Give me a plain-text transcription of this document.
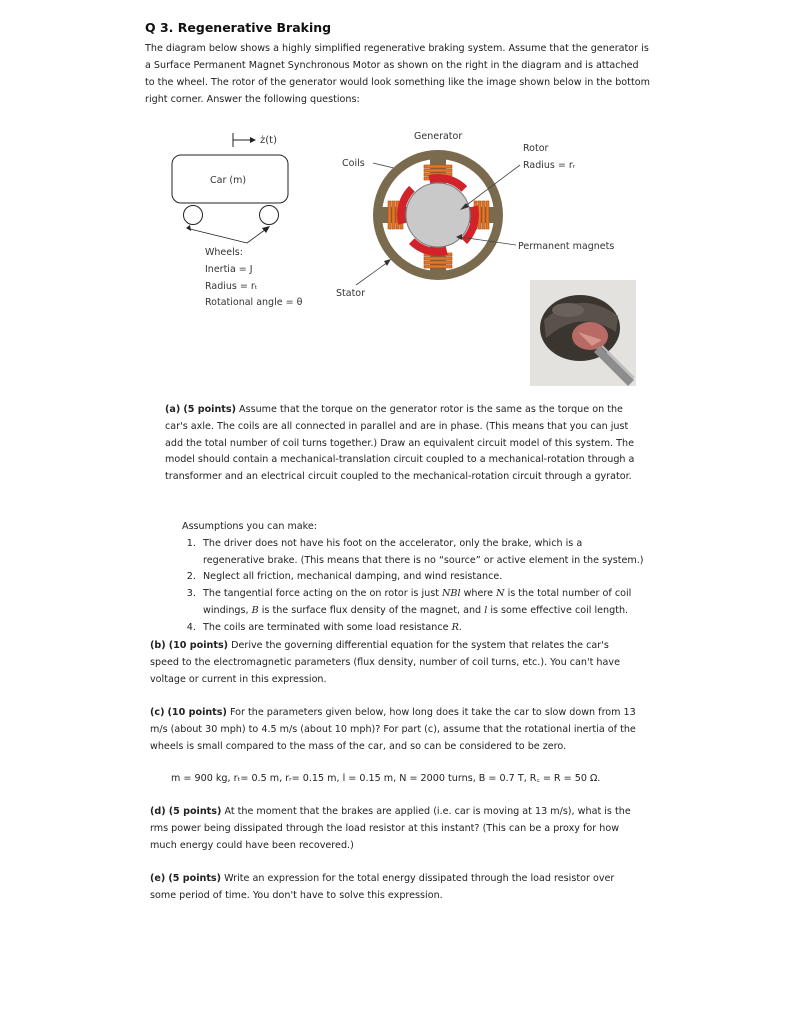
Q 3. Regenerative Braking
The diagram below shows a highly simplified regenerative braking system. Assume that the generator is a Surface Permanent Magnet Synchronous Motor as shown on the right in the diagram and is attached to the wheel. The rotor of the generator would look something like the image shown below in the bottom right corner. Answer the following questions:
ż(t)
Car (m)
Wheels:
Inertia = J
Radius = rₜ
Rotational angle = θ
Generator
Coils
Rotor
Radius = rᵣ
Permanent magnets
Stator

(a) (5 points) Assume that the torque on the generator rotor is the same as the torque on the car's axle. The coils are all connected in parallel and are in phase. (This means that you can just add the total number of coil turns together.) Draw an equivalent circuit model of this system. The model should contain a mechanical-translation circuit coupled to a mechanical-rotation through a transformer and an electrical circuit coupled to the mechanical-rotation circuit through a gyrator.

Assumptions you can make:

1. The driver does not have his foot on the accelerator, only the brake, which is a regenerative brake. (This means that there is no “source” or active element in the system.)
2. Neglect all friction, mechanical damping, and wind resistance.
3. The tangential force acting on the on rotor is just NBl where N is the total number of coil windings, B is the surface flux density of the magnet, and l is some effective coil length.
4. The coils are terminated with some load resistance R.

(b) (10 points) Derive the governing differential equation for the system that relates the car's speed to the electromagnetic parameters (flux density, number of coil turns, etc.). You can't have voltage or current in this expression.

(c) (10 points) For the parameters given below, how long does it take the car to slow down from 13 m/s (about 30 mph) to 4.5 m/s (about 10 mph)? For part (c), assume that the rotational inertia of the wheels is small compared to the mass of the car, and so can be considered to be zero.

m = 900 kg, rₜ= 0.5 m, rᵣ= 0.15 m, l = 0.15 m, N = 2000 turns, B = 0.7 T, R꜀ = R = 50 Ω.

(d) (5 points) At the moment that the brakes are applied (i.e. car is moving at 13 m/s), what is the rms power being dissipated through the load resistor at this instant? (This can be a proxy for how much energy could have been recovered.)

(e) (5 points) Write an expression for the total energy dissipated through the load resistor over some period of time. You don't have to solve this expression.
